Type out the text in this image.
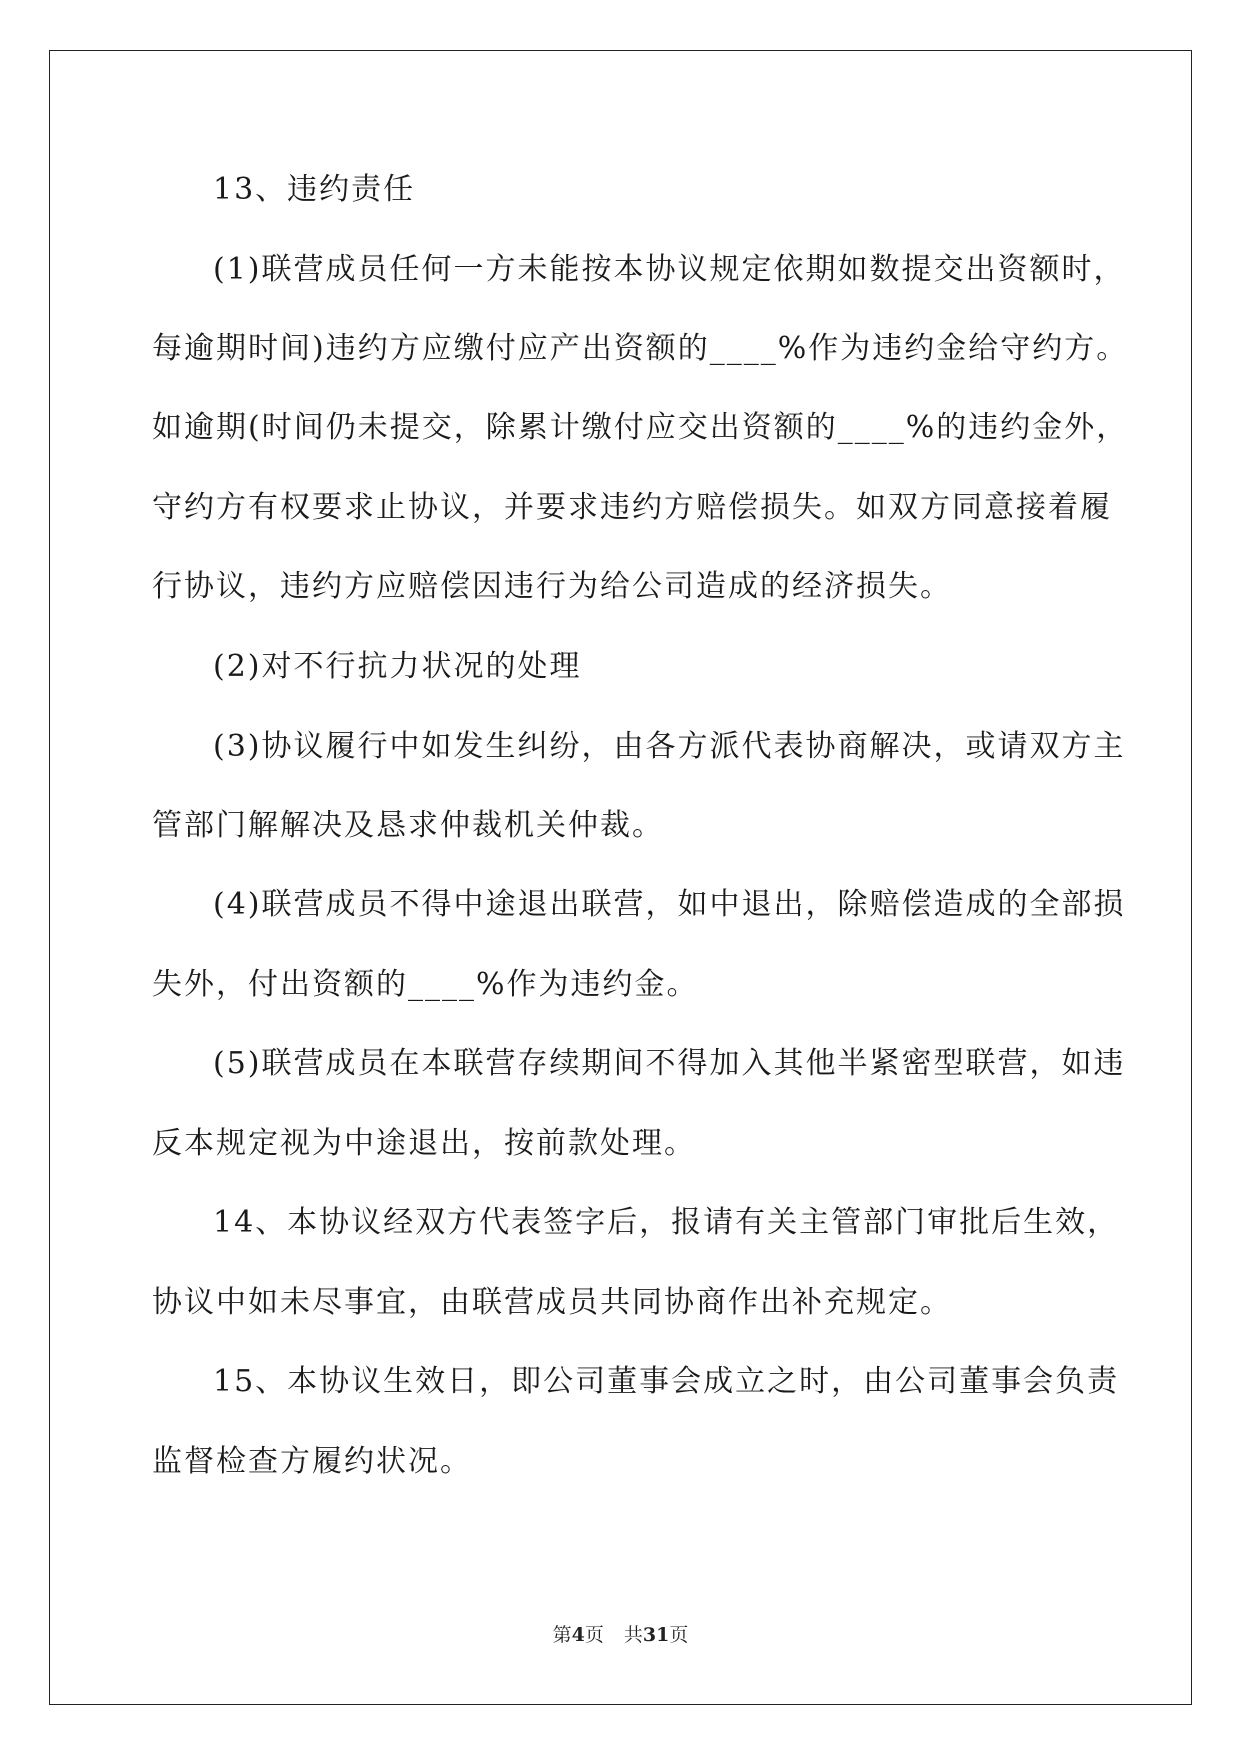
13、违约责任
(1)联营成员任何一方未能按本协议规定依期如数提交出资额时，
每逾期时间)违约方应缴付应产出资额的____%作为违约金给守约方。
如逾期(时间仍未提交，除累计缴付应交出资额的____%的违约金外，
守约方有权要求止协议，并要求违约方赔偿损失。如双方同意接着履
行协议，违约方应赔偿因违行为给公司造成的经济损失。
(2)对不行抗力状况的处理
(3)协议履行中如发生纠纷，由各方派代表协商解决，或请双方主
管部门解解决及恳求仲裁机关仲裁。
(4)联营成员不得中途退出联营，如中退出，除赔偿造成的全部损
失外，付出资额的____%作为违约金。
(5)联营成员在本联营存续期间不得加入其他半紧密型联营，如违
反本规定视为中途退出，按前款处理。
14、本协议经双方代表签字后，报请有关主管部门审批后生效，
协议中如未尽事宜，由联营成员共同协商作出补充规定。
15、本协议生效日，即公司董事会成立之时，由公司董事会负责
监督检查方履约状况。
第4页 共31页
